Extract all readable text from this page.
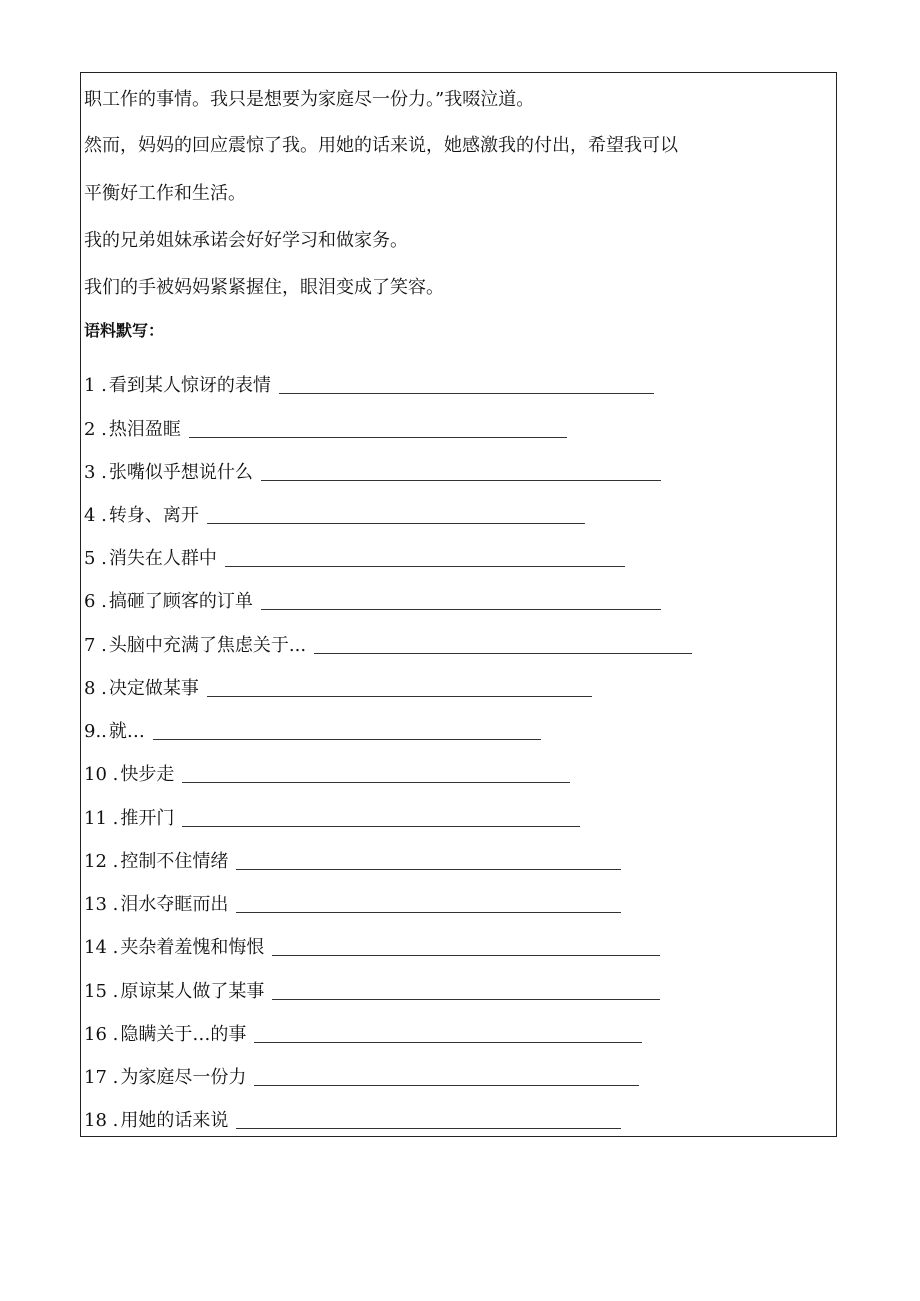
职工作的事情。我只是想要为家庭尽一份力。”我啜泣道。
然而，妈妈的回应震惊了我。用她的话来说，她感激我的付出，希望我可以
平衡好工作和生活。
我的兄弟姐妹承诺会好好学习和做家务。
我们的手被妈妈紧紧握住，眼泪变成了笑容。
语料默写：
1 . 看到某人惊讶的表情
2 . 热泪盈眶
3 . 张嘴似乎想说什么
4 . 转身、离开
5 . 消失在人群中
6 . 搞砸了顾客的订单
7 . 头脑中充满了焦虑关于...
8 . 决定做某事
9.. 就…
10 . 快步走
11 . 推开门
12 . 控制不住情绪
13 . 泪水夺眶而出
14 . 夹杂着羞愧和悔恨
15 . 原谅某人做了某事
16 . 隐瞒关于…的事
17 . 为家庭尽一份力
18 . 用她的话来说
